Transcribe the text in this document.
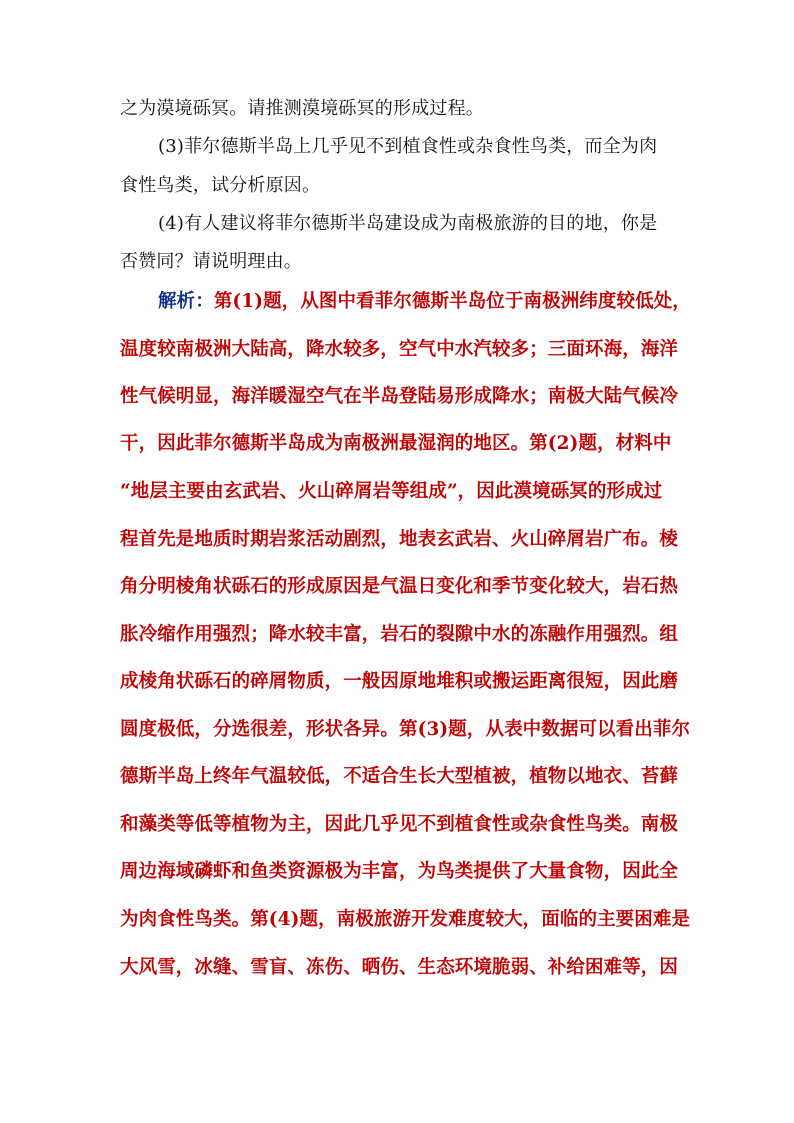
之为漠境砾冥。请推测漠境砾冥的形成过程。
(3)菲尔德斯半岛上几乎见不到植食性或杂食性鸟类，而全为肉
食性鸟类，试分析原因。
(4)有人建议将菲尔德斯半岛建设成为南极旅游的目的地，你是
否赞同？请说明理由。
解析：第(1)题，从图中看菲尔德斯半岛位于南极洲纬度较低处，
温度较南极洲大陆高，降水较多，空气中水汽较多；三面环海，海洋
性气候明显，海洋暖湿空气在半岛登陆易形成降水；南极大陆气候冷
干，因此菲尔德斯半岛成为南极洲最湿润的地区。第(2)题，材料中
“地层主要由玄武岩、火山碎屑岩等组成”，因此漠境砾冥的形成过
程首先是地质时期岩浆活动剧烈，地表玄武岩、火山碎屑岩广布。棱
角分明棱角状砾石的形成原因是气温日变化和季节变化较大，岩石热
胀冷缩作用强烈；降水较丰富，岩石的裂隙中水的冻融作用强烈。组
成棱角状砾石的碎屑物质，一般因原地堆积或搬运距离很短，因此磨
圆度极低，分选很差，形状各异。第(3)题，从表中数据可以看出菲尔
德斯半岛上终年气温较低，不适合生长大型植被，植物以地衣、苔藓
和藻类等低等植物为主，因此几乎见不到植食性或杂食性鸟类。南极
周边海域磷虾和鱼类资源极为丰富，为鸟类提供了大量食物，因此全
为肉食性鸟类。第(4)题，南极旅游开发难度较大，面临的主要困难是
大风雪，冰缝、雪盲、冻伤、晒伤、生态环境脆弱、补给困难等，因
